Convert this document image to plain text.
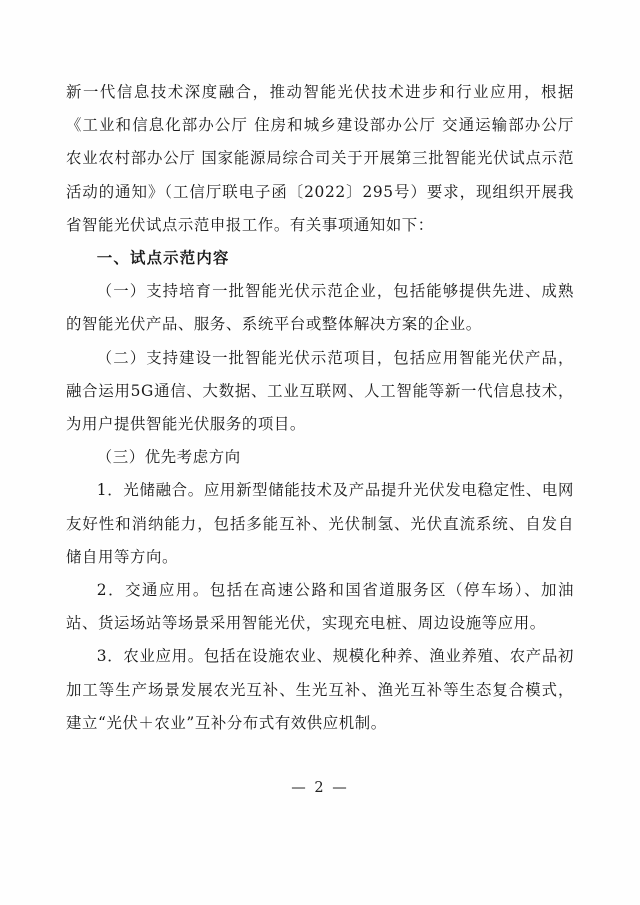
新一代信息技术深度融合，推动智能光伏技术进步和行业应用，根据《工业和信息化部办公厅 住房和城乡建设部办公厅 交通运输部办公厅 农业农村部办公厅 国家能源局综合司关于开展第三批智能光伏试点示范活动的通知》（工信厅联电子函〔2022〕295号）要求，现组织开展我省智能光伏试点示范申报工作。有关事项通知如下：

一、试点示范内容

（一）支持培育一批智能光伏示范企业，包括能够提供先进、成熟的智能光伏产品、服务、系统平台或整体解决方案的企业。

（二）支持建设一批智能光伏示范项目，包括应用智能光伏产品，融合运用5G通信、大数据、工业互联网、人工智能等新一代信息技术，为用户提供智能光伏服务的项目。

（三）优先考虑方向

1．光储融合。应用新型储能技术及产品提升光伏发电稳定性、电网友好性和消纳能力，包括多能互补、光伏制氢、光伏直流系统、自发自储自用等方向。

2．交通应用。包括在高速公路和国省道服务区（停车场）、加油站、货运场站等场景采用智能光伏，实现充电桩、周边设施等应用。

3．农业应用。包括在设施农业、规模化种养、渔业养殖、农产品初加工等生产场景发展农光互补、生光互补、渔光互补等生态复合模式，建立“光伏＋农业”互补分布式有效供应机制。

— 2 —
